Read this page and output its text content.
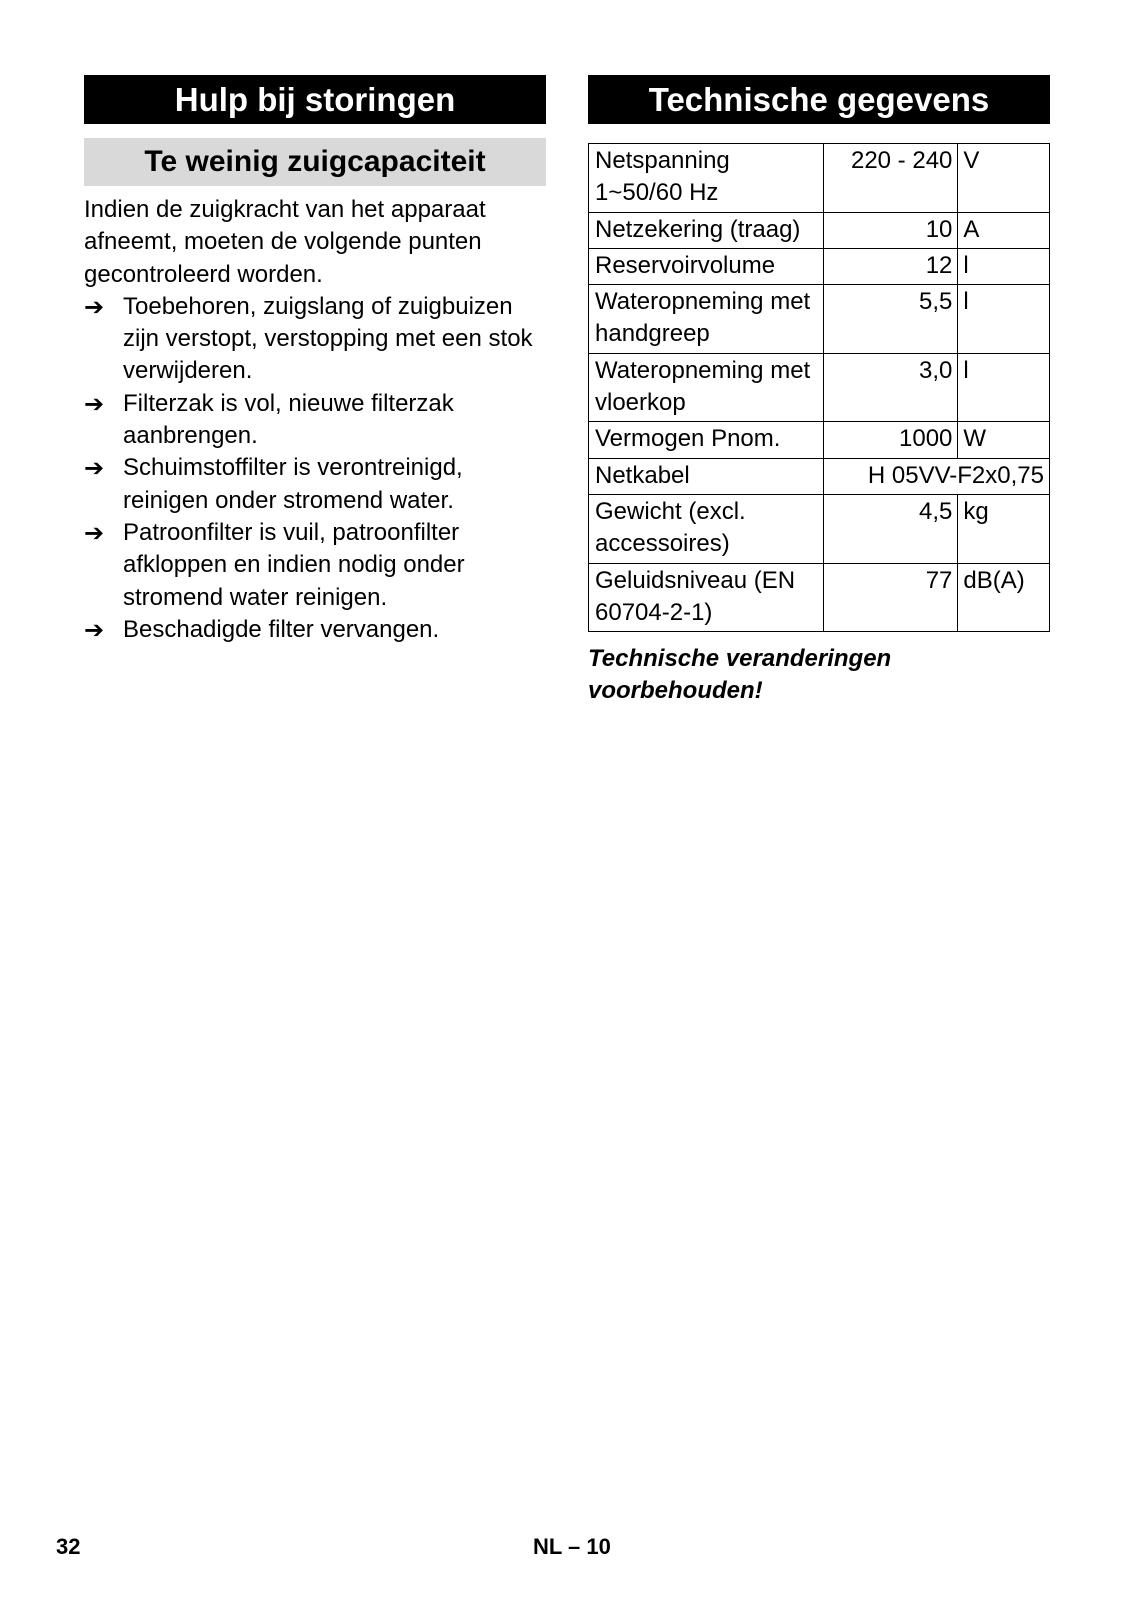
Hulp bij storingen
Te weinig zuigcapaciteit

Indien de zuigkracht van het apparaat afneemt, moeten de volgende punten gecontroleerd worden.

➔ Toebehoren, zuigslang of zuigbuizen zijn verstopt, verstopping met een stok verwijderen.
➔ Filterzak is vol, nieuwe filterzak aanbrengen.
➔ Schuimstoffilter is verontreinigd, reinigen onder stromend water.
➔ Patroonfilter is vuil, patroonfilter afkloppen en indien nodig onder stromend water reinigen.
➔ Beschadigde filter vervangen.
Technische gegevens
Netspanning 1~50/60 Hz	220 - 240	V
Netzekering (traag)	10	A
Reservoirvolume	12	l
Wateropneming met handgreep	5,5	l
Wateropneming met vloerkop	3,0	l
Vermogen Pnom.	1000	W
Netkabel	H 05VV-F2x0,75	
Gewicht (excl. accessoires)	4,5	kg
Geluidsniveau (EN 60704-2-1)	77	dB(A)
Technische veranderingen voorbehouden!
32	NL – 10
